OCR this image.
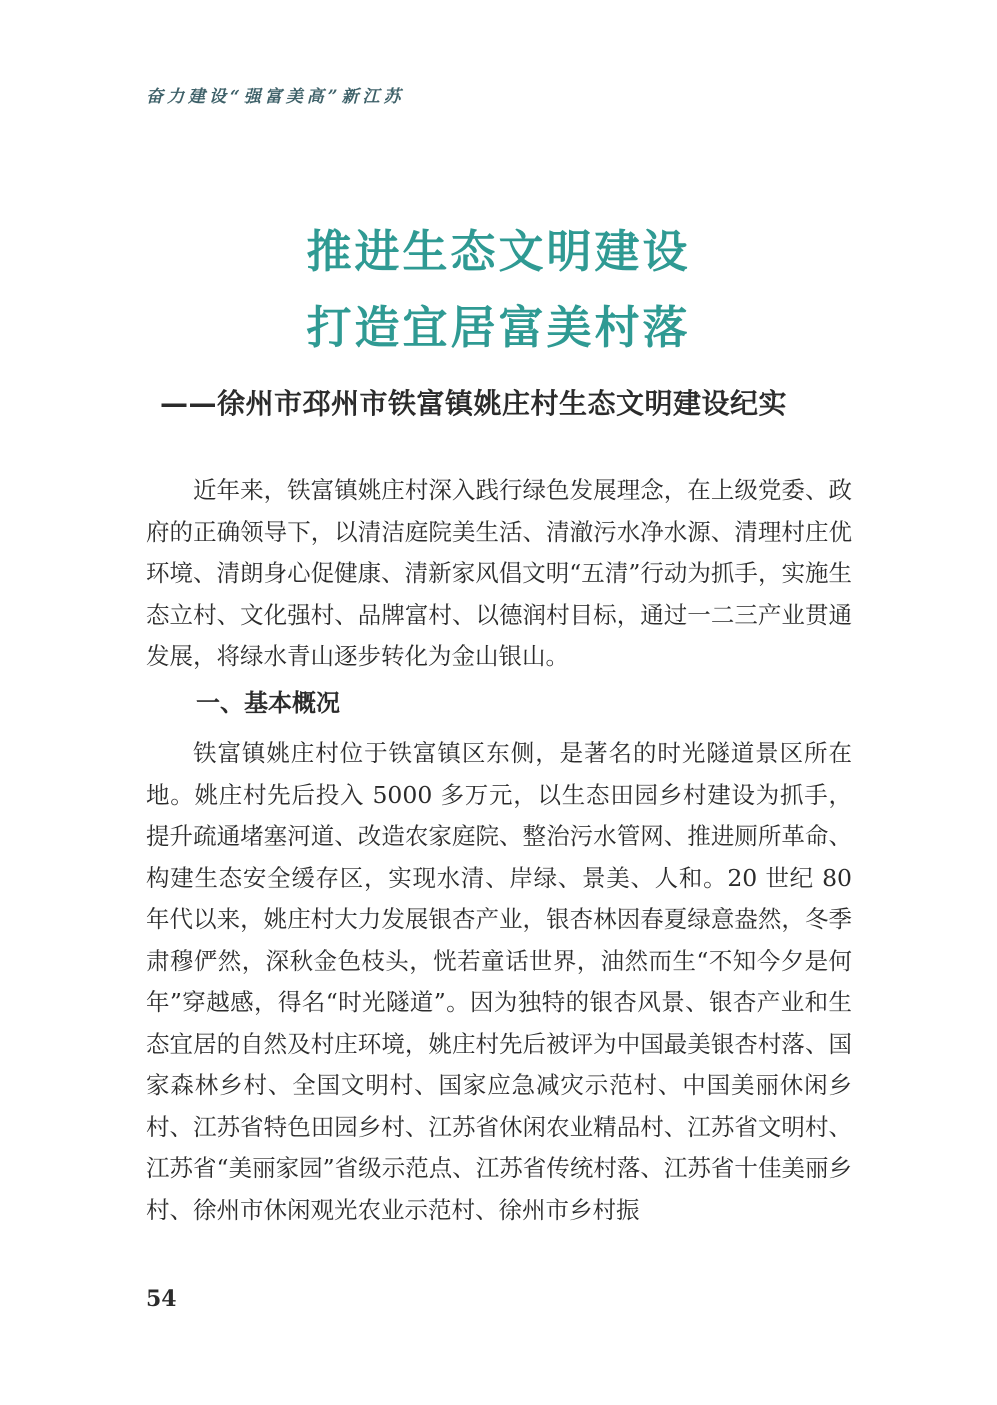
奋力建设“强富美高”新江苏
推进生态文明建设
打造宜居富美村落
——徐州市邳州市铁富镇姚庄村生态文明建设纪实

近年来，铁富镇姚庄村深入践行绿色发展理念，在上级党委、政府的正确领导下，以清洁庭院美生活、清澈污水净水源、清理村庄优环境、清朗身心促健康、清新家风倡文明“五清”行动为抓手，实施生态立村、文化强村、品牌富村、以德润村目标，通过一二三产业贯通发展，将绿水青山逐步转化为金山银山。

一、基本概况

铁富镇姚庄村位于铁富镇区东侧，是著名的时光隧道景区所在地。姚庄村先后投入 5000 多万元，以生态田园乡村建设为抓手，提升疏通堵塞河道、改造农家庭院、整治污水管网、推进厕所革命、构建生态安全缓存区，实现水清、岸绿、景美、人和。20 世纪 80 年代以来，姚庄村大力发展银杏产业，银杏林因春夏绿意盎然，冬季肃穆俨然，深秋金色枝头，恍若童话世界，油然而生“不知今夕是何年”穿越感，得名“时光隧道”。因为独特的银杏风景、银杏产业和生态宜居的自然及村庄环境，姚庄村先后被评为中国最美银杏村落、国家森林乡村、全国文明村、国家应急减灾示范村、中国美丽休闲乡村、江苏省特色田园乡村、江苏省休闲农业精品村、江苏省文明村、江苏省“美丽家园”省级示范点、江苏省传统村落、江苏省十佳美丽乡村、徐州市休闲观光农业示范村、徐州市乡村振

54
